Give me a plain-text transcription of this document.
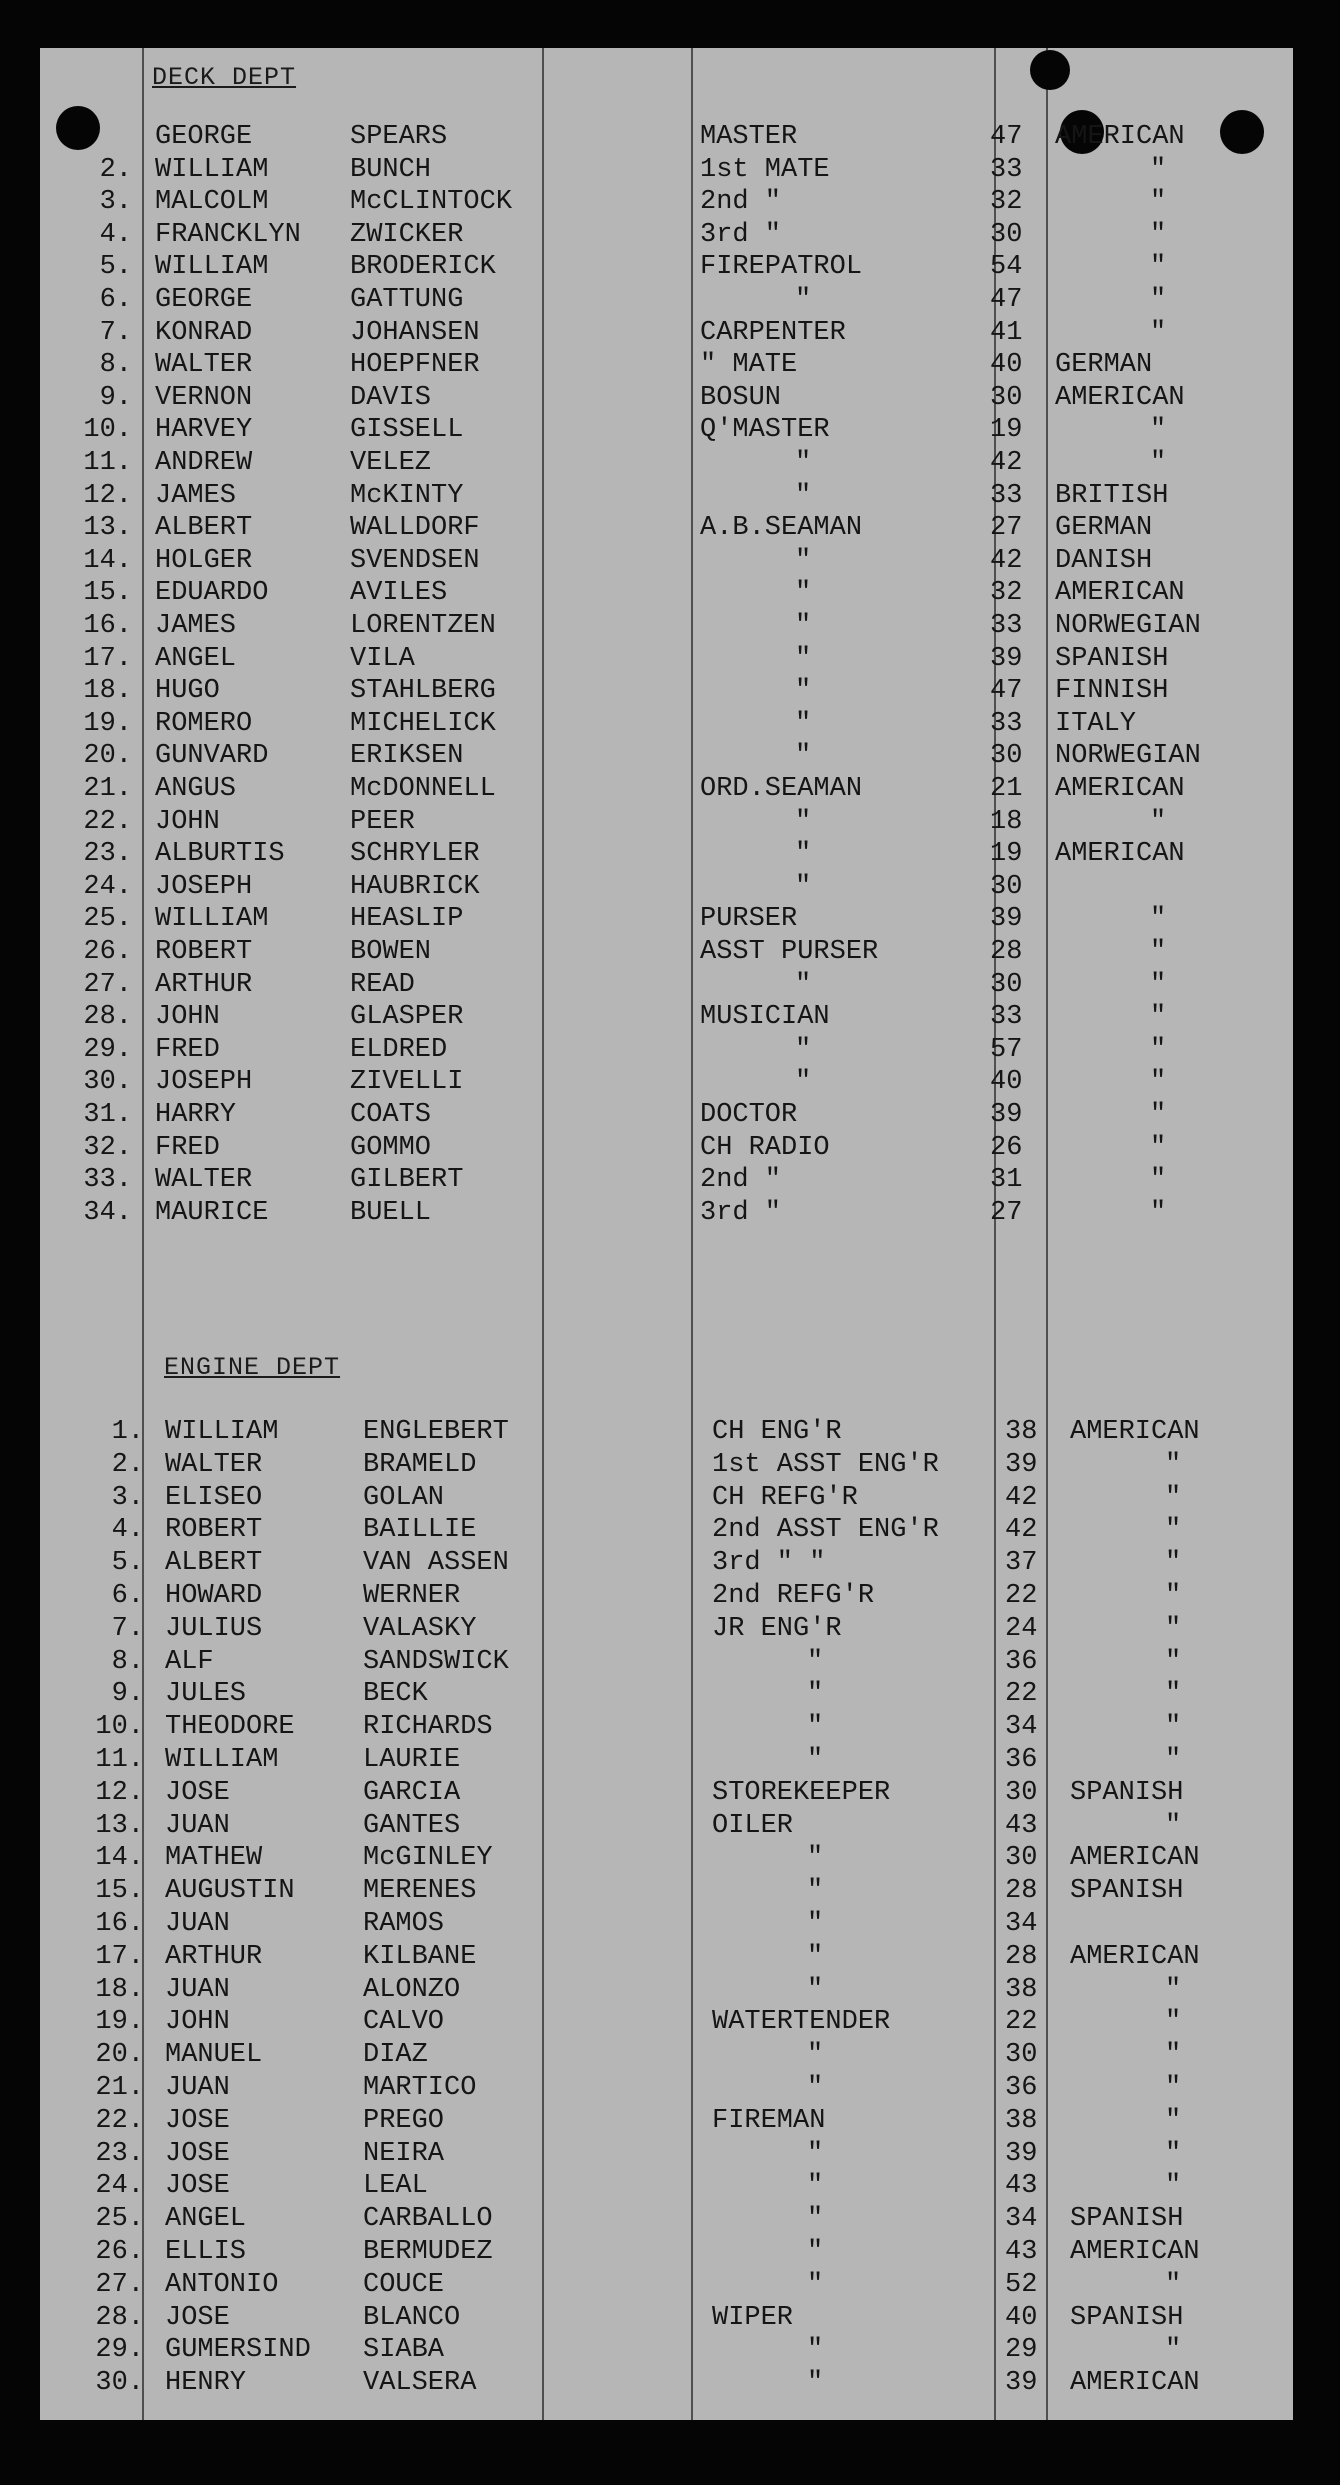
DECK DEPT
GEORGE	SPEARS	MASTER	47	AMERICAN
2. WILLIAM	BUNCH	1st MATE	33	"
3. MALCOLM	McCLINTOCK	2nd "	32	"
4. FRANCKLYN	ZWICKER	3rd "	30	"
5. WILLIAM	BRODERICK	FIREPATROL	54	"
6. GEORGE	GATTUNG	"	47	"
7. KONRAD	JOHANSEN	CARPENTER	41	"
8. WALTER	HOEPFNER	" MATE	40	GERMAN
9. VERNON	DAVIS	BOSUN	30	AMERICAN
10. HARVEY	GISSELL	Q'MASTER	19	"
11. ANDREW	VELEZ	"	42	"
12. JAMES	McKINTY	"	33	BRITISH
13. ALBERT	WALLDORF	A.B.SEAMAN	27	GERMAN
14. HOLGER	SVENDSEN	"	42	DANISH
15. EDUARDO	AVILES	"	32	AMERICAN
16. JAMES	LORENTZEN	"	33	NORWEGIAN
17. ANGEL	VILA	"	39	SPANISH
18. HUGO	STAHLBERG	"	47	FINNISH
19. ROMERO	MICHELICK	"	33	ITALY
20. GUNVARD	ERIKSEN	"	30	NORWEGIAN
21. ANGUS	McDONNELL	ORD.SEAMAN	21	AMERICAN
22. JOHN	PEER	"	18	"
23. ALBURTIS	SCHRYLER	"	19	AMERICAN
24. JOSEPH	HAUBRICK	"	30
25. WILLIAM	HEASLIP	PURSER	39	"
26. ROBERT	BOWEN	ASST PURSER	28	"
27. ARTHUR	READ	"	30	"
28. JOHN	GLASPER	MUSICIAN	33	"
29. FRED	ELDRED	"	57	"
30. JOSEPH	ZIVELLI	"	40	"
31. HARRY	COATS	DOCTOR	39	"
32. FRED	GOMMO	CH RADIO	26	"
33. WALTER	GILBERT	2nd "	31	"
34. MAURICE	BUELL	3rd "	27	"
ENGINE DEPT
1. WILLIAM	ENGLEBERT	CH ENG'R	38	AMERICAN
2. WALTER	BRAMELD	1st ASST ENG'R	39	"
3. ELISEO	GOLAN	CH REFG'R	42	"
4. ROBERT	BAILLIE	2nd ASST ENG'R	42	"
5. ALBERT	VAN ASSEN	3rd " "	37	"
6. HOWARD	WERNER	2nd REFG'R	22	"
7. JULIUS	VALASKY	JR ENG'R	24	"
8. ALF	SANDSWICK	"	36	"
9. JULES	BECK	"	22	"
10. THEODORE	RICHARDS	"	34	"
11. WILLIAM	LAURIE	"	36	"
12. JOSE	GARCIA	STOREKEEPER	30	SPANISH
13. JUAN	GANTES	OILER	43	"
14. MATHEW	McGINLEY	"	30	AMERICAN
15. AUGUSTIN	MERENES	"	28	SPANISH
16. JUAN	RAMOS	"	34
17. ARTHUR	KILBANE	"	28	AMERICAN
18. JUAN	ALONZO	"	38	"
19. JOHN	CALVO	WATERTENDER	22	"
20. MANUEL	DIAZ	"	30	"
21. JUAN	MARTICO	"	36	"
22. JOSE	PREGO	FIREMAN	38	"
23. JOSE	NEIRA	"	39	"
24. JOSE	LEAL	"	43	"
25. ANGEL	CARBALLO	"	34	SPANISH
26. ELLIS	BERMUDEZ	"	43	AMERICAN
27. ANTONIO	COUCE	"	52	"
28. JOSE	BLANCO	WIPER	40	SPANISH
29. GUMERSIND	SIABA	"	29	"
30. HENRY	VALSERA	"	39	AMERICAN
